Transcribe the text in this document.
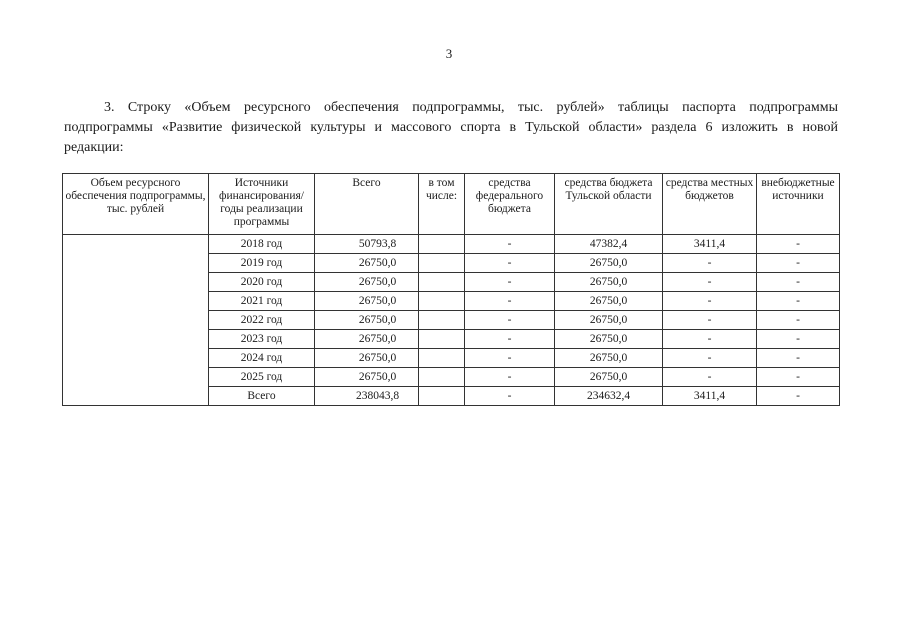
3
3. Строку «Объем ресурсного обеспечения подпрограммы, тыс. рублей» таблицы паспорта подпрограммы
подпрограммы «Развитие физической культуры и массового спорта в Тульской области» раздела 6 изложить в новой
редакции:
Объем ресурсного обеспечения подпрограммы, тыс. рублей	Источники финансирования/ годы реализации программы	Всего	в том числе:	средства федерального бюджета	средства бюджета Тульской области	средства местных бюджетов	внебюджетные источники
	2018 год	50793,8		-	47382,4	3411,4	-
	2019 год	26750,0		-	26750,0	-	-
	2020 год	26750,0		-	26750,0	-	-
	2021 год	26750,0		-	26750,0	-	-
	2022 год	26750,0		-	26750,0	-	-
	2023 год	26750,0		-	26750,0	-	-
	2024 год	26750,0		-	26750,0	-	-
	2025 год	26750,0		-	26750,0	-	-
	Всего	238043,8		-	234632,4	3411,4	-
